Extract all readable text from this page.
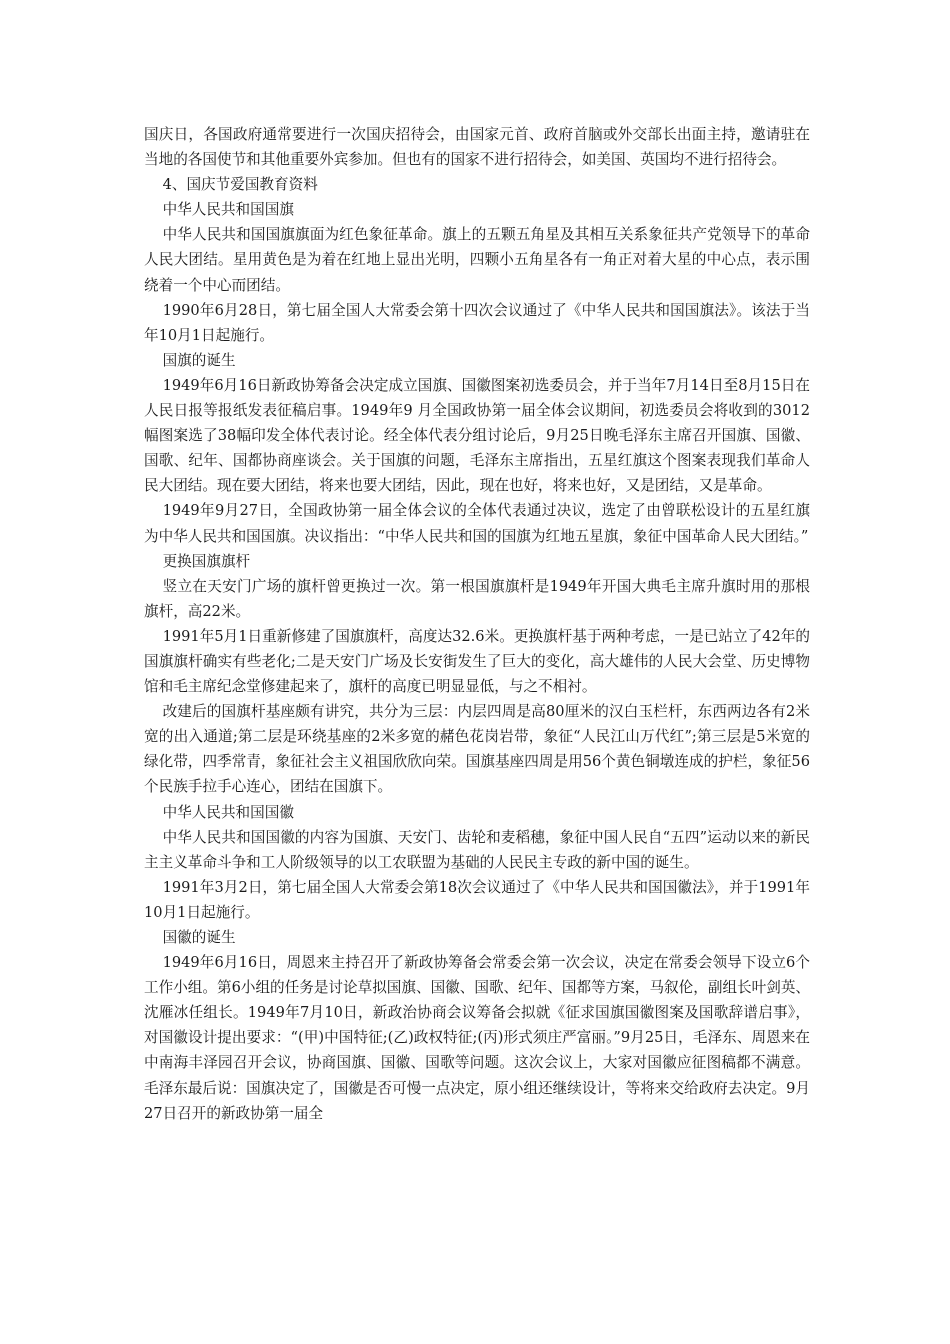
国庆日，各国政府通常要进行一次国庆招待会，由国家元首、政府首脑或外交部长出面主持，邀请驻在当地的各国使节和其他重要外宾参加。但也有的国家不进行招待会，如美国、英国均不进行招待会。

4、国庆节爱国教育资料

中华人民共和国国旗

中华人民共和国国旗旗面为红色象征革命。旗上的五颗五角星及其相互关系象征共产党领导下的革命人民大团结。星用黄色是为着在红地上显出光明，四颗小五角星各有一角正对着大星的中心点，表示围绕着一个中心而团结。

1990年6月28日，第七届全国人大常委会第十四次会议通过了《中华人民共和国国旗法》。该法于当年10月1日起施行。

国旗的诞生

1949年6月16日新政协筹备会决定成立国旗、国徽图案初选委员会，并于当年7月14日至8月15日在人民日报等报纸发表征稿启事。1949年9 月全国政协第一届全体会议期间，初选委员会将收到的3012幅图案选了38幅印发全体代表讨论。经全体代表分组讨论后，9月25日晚毛泽东主席召开国旗、国徽、国歌、纪年、国都协商座谈会。关于国旗的问题，毛泽东主席指出，五星红旗这个图案表现我们革命人民大团结。现在要大团结，将来也要大团结，因此，现在也好，将来也好，又是团结，又是革命。

1949年9月27日，全国政协第一届全体会议的全体代表通过决议，选定了由曾联松设计的五星红旗为中华人民共和国国旗。决议指出：“中华人民共和国的国旗为红地五星旗，象征中国革命人民大团结。”

更换国旗旗杆

竖立在天安门广场的旗杆曾更换过一次。第一根国旗旗杆是1949年开国大典毛主席升旗时用的那根旗杆，高22米。

1991年5月1日重新修建了国旗旗杆，高度达32.6米。更换旗杆基于两种考虑，一是已站立了42年的国旗旗杆确实有些老化;二是天安门广场及长安街发生了巨大的变化，高大雄伟的人民大会堂、历史博物馆和毛主席纪念堂修建起来了，旗杆的高度已明显显低，与之不相衬。

改建后的国旗杆基座颇有讲究，共分为三层：内层四周是高80厘米的汉白玉栏杆，东西两边各有2米宽的出入通道;第二层是环绕基座的2米多宽的赭色花岗岩带，象征“人民江山万代红”;第三层是5米宽的绿化带，四季常青，象征社会主义祖国欣欣向荣。国旗基座四周是用56个黄色铜墩连成的护栏，象征56个民族手拉手心连心，团结在国旗下。

中华人民共和国国徽

中华人民共和国国徽的内容为国旗、天安门、齿轮和麦稻穗，象征中国人民自“五四”运动以来的新民主主义革命斗争和工人阶级领导的以工农联盟为基础的人民民主专政的新中国的诞生。

1991年3月2日，第七届全国人大常委会第18次会议通过了《中华人民共和国国徽法》，并于1991年10月1日起施行。

国徽的诞生

1949年6月16日，周恩来主持召开了新政协筹备会常委会第一次会议，决定在常委会领导下设立6个工作小组。第6小组的任务是讨论草拟国旗、国徽、国歌、纪年、国都等方案，马叙伦，副组长叶剑英、沈雁冰任组长。1949年7月10日，新政治协商会议筹备会拟就《征求国旗国徽图案及国歌辞谱启事》，对国徽设计提出要求：“(甲)中国特征;(乙)政权特征;(丙)形式须庄严富丽。”9月25日，毛泽东、周恩来在中南海丰泽园召开会议，协商国旗、国徽、国歌等问题。这次会议上，大家对国徽应征图稿都不满意。毛泽东最后说：国旗决定了，国徽是否可慢一点决定，原小组还继续设计，等将来交给政府去决定。9月27日召开的新政协第一届全
